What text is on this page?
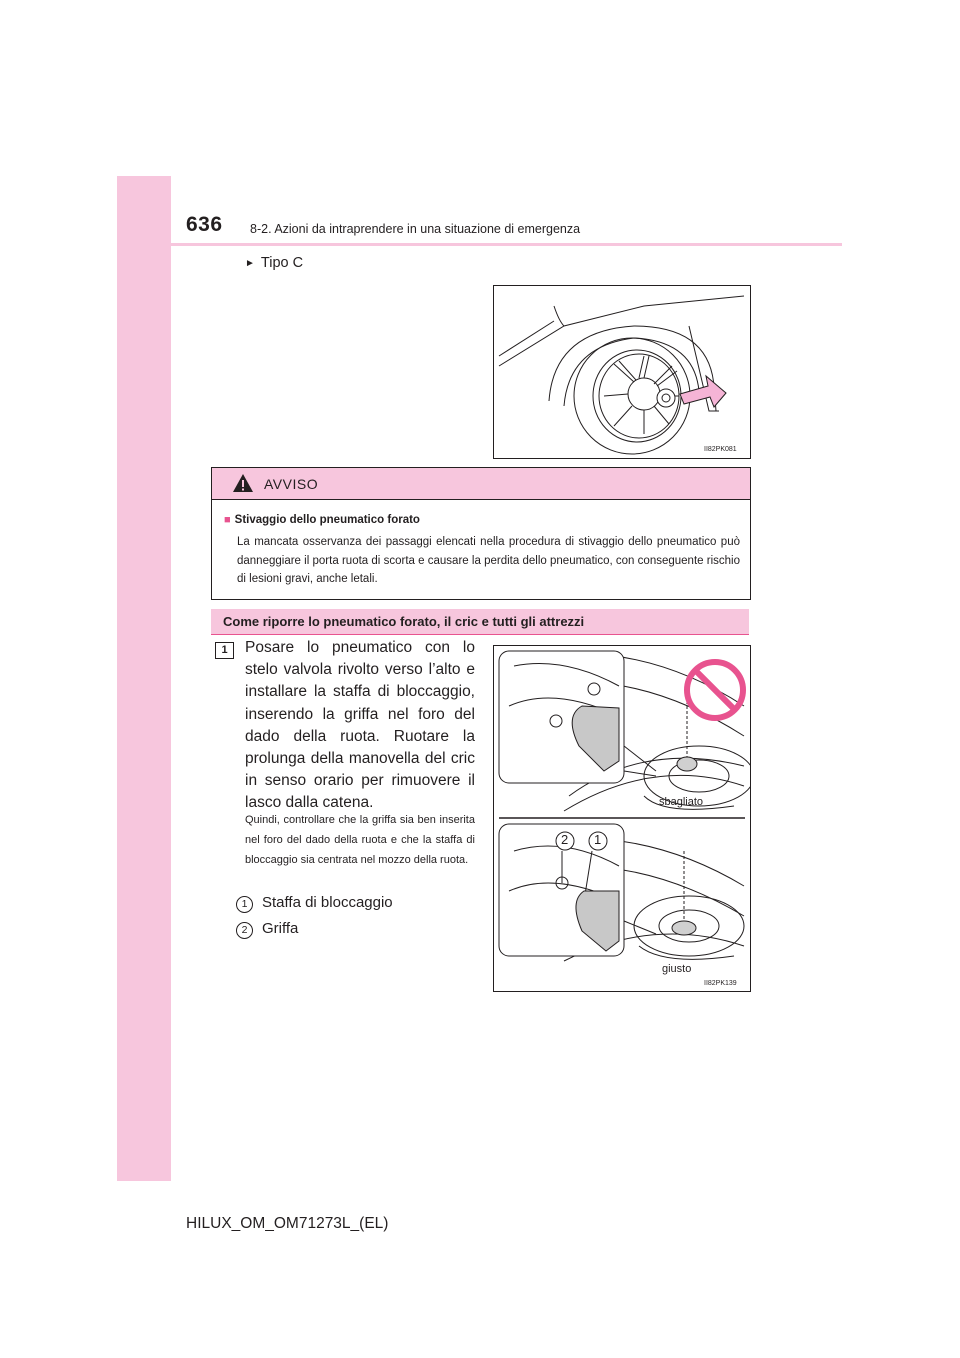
636 8-2. Azioni da intraprendere in una situazione di emergenza
► Tipo C
II82PK081
AVVISO
■ Stivaggio dello pneumatico forato
La mancata osservanza dei passaggi elencati nella procedura di stivaggio dello pneumatico può danneggiare il porta ruota di scorta e causare la perdita dello pneumatico, con conseguente rischio di lesioni gravi, anche letali.
Come riporre lo pneumatico forato, il cric e tutti gli attrezzi
1	Posare lo pneumatico con lo stelo valvola rivolto verso l’alto e installare la staffa di bloccaggio, inserendo la griffa nel foro del dado della ruota. Ruotare la prolunga della manovella del cric in senso orario per rimuovere il lasco dalla catena.
Quindi, controllare che la griffa sia ben inserita nel foro del dado della ruota e che la staffa di bloccaggio sia centrata nel mozzo della ruota.
1 Staffa di bloccaggio
2 Griffa
2 1
sbagliato
giusto
II82PK139
HILUX_OM_OM71273L_(EL)
